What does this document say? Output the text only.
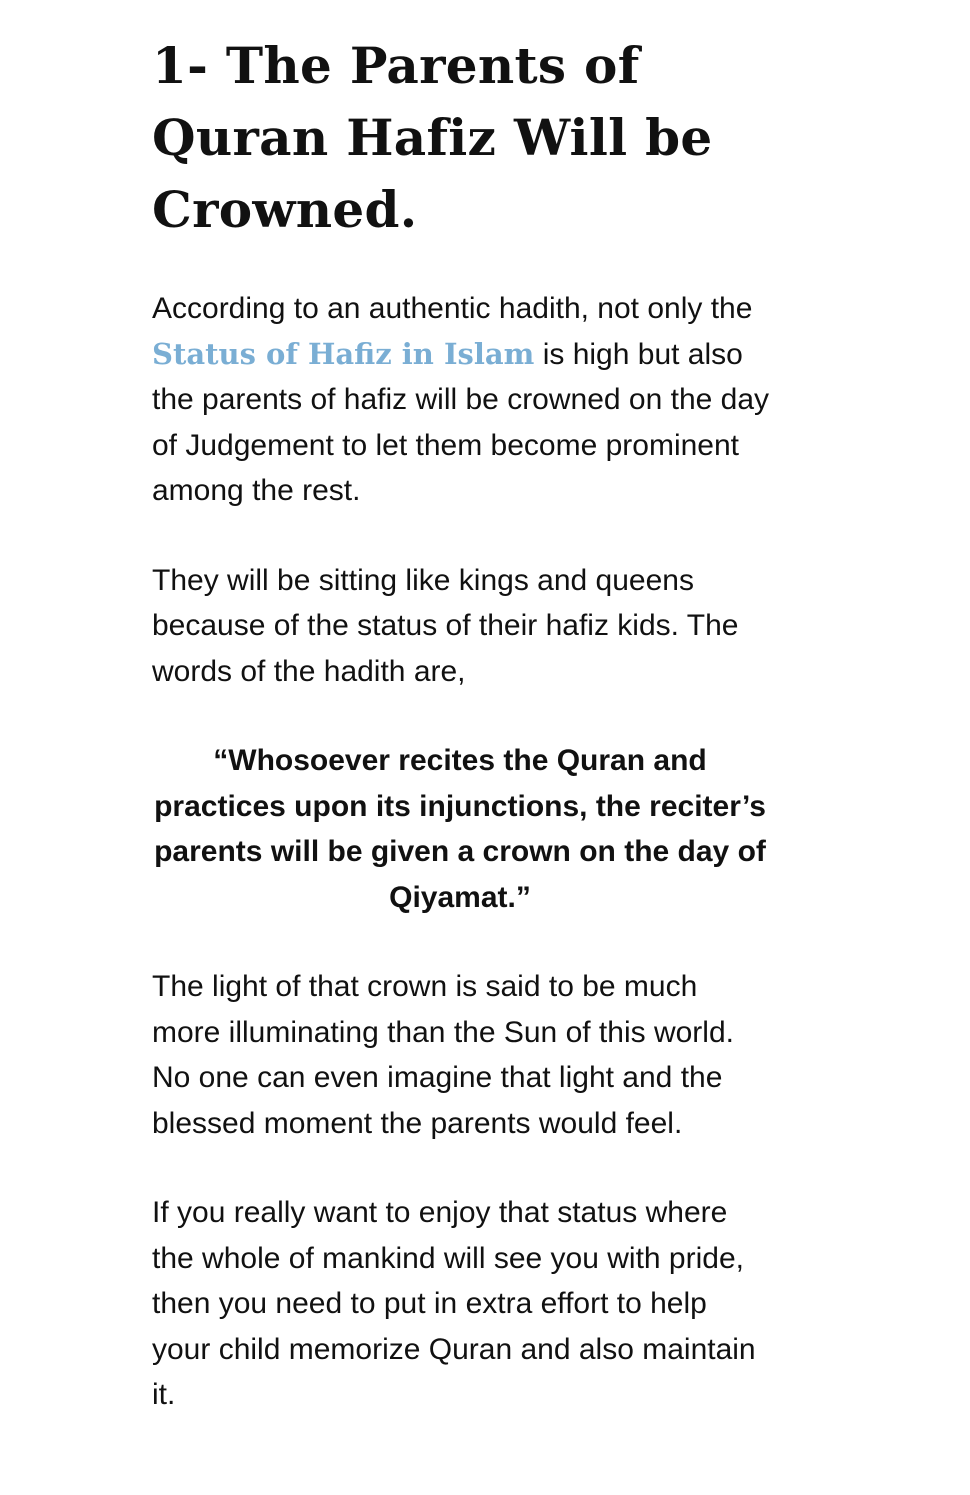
1- The Parents of Quran Hafiz Will be Crowned.

According to an authentic hadith, not only the Status of Hafiz in Islam is high but also the parents of hafiz will be crowned on the day of Judgement to let them become prominent among the rest.

They will be sitting like kings and queens because of the status of their hafiz kids. The words of the hadith are,

“Whosoever recites the Quran and practices upon its injunctions, the reciter’s parents will be given a crown on the day of Qiyamat.”

The light of that crown is said to be much more illuminating than the Sun of this world. No one can even imagine that light and the blessed moment the parents would feel.

If you really want to enjoy that status where the whole of mankind will see you with pride, then you need to put in extra effort to help your child memorize Quran and also maintain it.
